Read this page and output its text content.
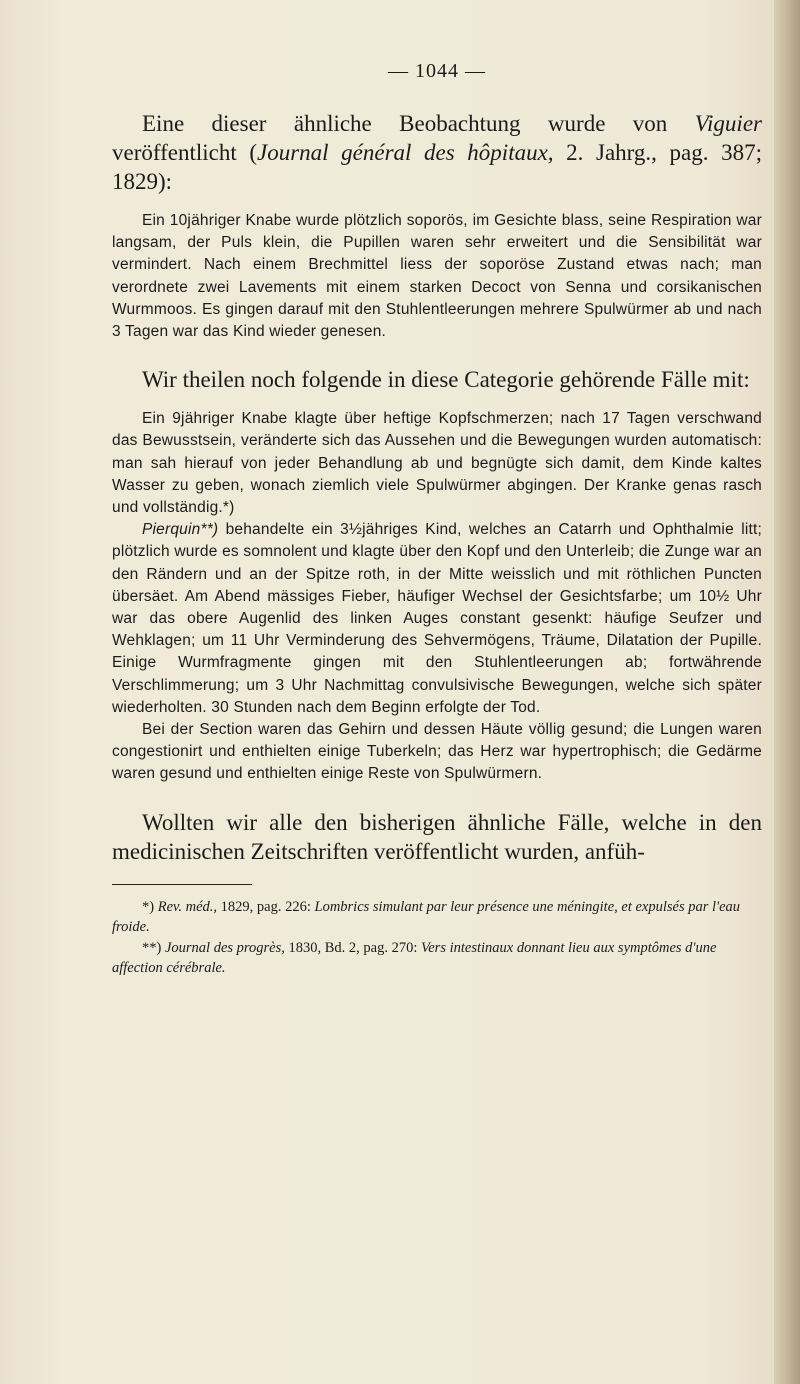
— 1044 —

Eine dieser ähnliche Beobachtung wurde von Viguier veröffentlicht (Journal général des hôpitaux, 2. Jahrg., pag. 387; 1829):

Ein 10jähriger Knabe wurde plötzlich soporös, im Gesichte blass, seine Respiration war langsam, der Puls klein, die Pupillen waren sehr erweitert und die Sensibilität war vermindert. Nach einem Brechmittel liess der soporöse Zustand etwas nach; man verordnete zwei Lavements mit einem starken Decoct von Senna und corsikanischen Wurmmoos. Es gingen darauf mit den Stuhlentleerungen mehrere Spulwürmer ab und nach 3 Tagen war das Kind wieder genesen.

Wir theilen noch folgende in diese Categorie gehörende Fälle mit:

Ein 9jähriger Knabe klagte über heftige Kopfschmerzen; nach 17 Tagen verschwand das Bewusstsein, veränderte sich das Aussehen und die Bewegungen wurden automatisch: man sah hierauf von jeder Behandlung ab und begnügte sich damit, dem Kinde kaltes Wasser zu geben, wonach ziemlich viele Spulwürmer abgingen. Der Kranke genas rasch und vollständig.*)

Pierquin**) behandelte ein 3½jähriges Kind, welches an Catarrh und Ophthalmie litt; plötzlich wurde es somnolent und klagte über den Kopf und den Unterleib; die Zunge war an den Rändern und an der Spitze roth, in der Mitte weisslich und mit röthlichen Puncten übersäet. Am Abend mässiges Fieber, häufiger Wechsel der Gesichtsfarbe; um 10½ Uhr war das obere Augenlid des linken Auges constant gesenkt: häufige Seufzer und Wehklagen; um 11 Uhr Verminderung des Sehvermögens, Träume, Dilatation der Pupille. Einige Wurmfragmente gingen mit den Stuhlentleerungen ab; fortwährende Verschlimmerung; um 3 Uhr Nachmittag convulsivische Bewegungen, welche sich später wiederholten. 30 Stunden nach dem Beginn erfolgte der Tod.

Bei der Section waren das Gehirn und dessen Häute völlig gesund; die Lungen waren congestionirt und enthielten einige Tuberkeln; das Herz war hypertrophisch; die Gedärme waren gesund und enthielten einige Reste von Spulwürmern.

Wollten wir alle den bisherigen ähnliche Fälle, welche in den medicinischen Zeitschriften veröffentlicht wurden, anfüh-

*) Rev. méd., 1829, pag. 226: Lombrics simulant par leur présence une méningite, et expulsés par l'eau froide.

**) Journal des progrès, 1830, Bd. 2, pag. 270: Vers intestinaux donnant lieu aux symptômes d'une affection cérébrale.
